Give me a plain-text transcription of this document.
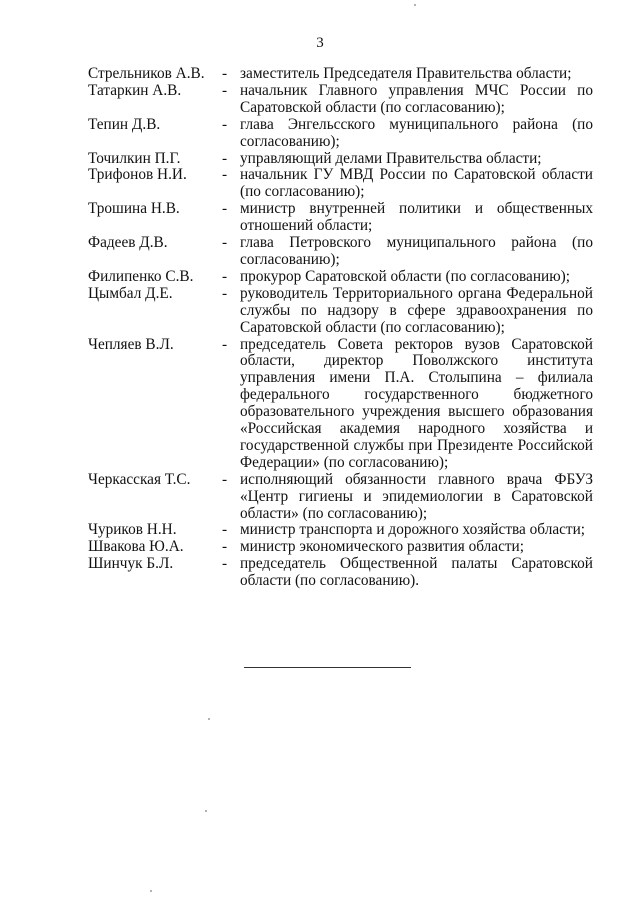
3
Стрельников А.В.	- заместитель Председателя Правительства области;
Татаркин А.В.	- начальник Главного управления МЧС России по Саратовской области (по согласованию);
Тепин Д.В.	- глава Энгельсского муниципального района (по согласованию);
Точилкин П.Г.	- управляющий делами Правительства области;
Трифонов Н.И.	- начальник ГУ МВД России по Саратовской области (по согласованию);
Трошина Н.В.	- министр внутренней политики и общественных отношений области;
Фадеев Д.В.	- глава Петровского муниципального района (по согласованию);
Филипенко С.В.	- прокурор Саратовской области (по согласованию);
Цымбал Д.Е.	- руководитель Территориального органа Федеральной службы по надзору в сфере здравоохранения по Саратовской области (по согласованию);
Чепляев В.Л.	- председатель Совета ректоров вузов Саратовской области, директор Поволжского института управления имени П.А. Столыпина – филиала федерального государственного бюджетного образовательного учреждения высшего образования «Российская академия народного хозяйства и государственной службы при Президенте Российской Федерации» (по согласованию);
Черкасская Т.С.	- исполняющий обязанности главного врача ФБУЗ «Центр гигиены и эпидемиологии в Саратовской области» (по согласованию);
Чуриков Н.Н.	- министр транспорта и дорожного хозяйства области;
Швакова Ю.А.	- министр экономического развития области;
Шинчук Б.Л.	- председатель Общественной палаты Саратовской области (по согласованию).
